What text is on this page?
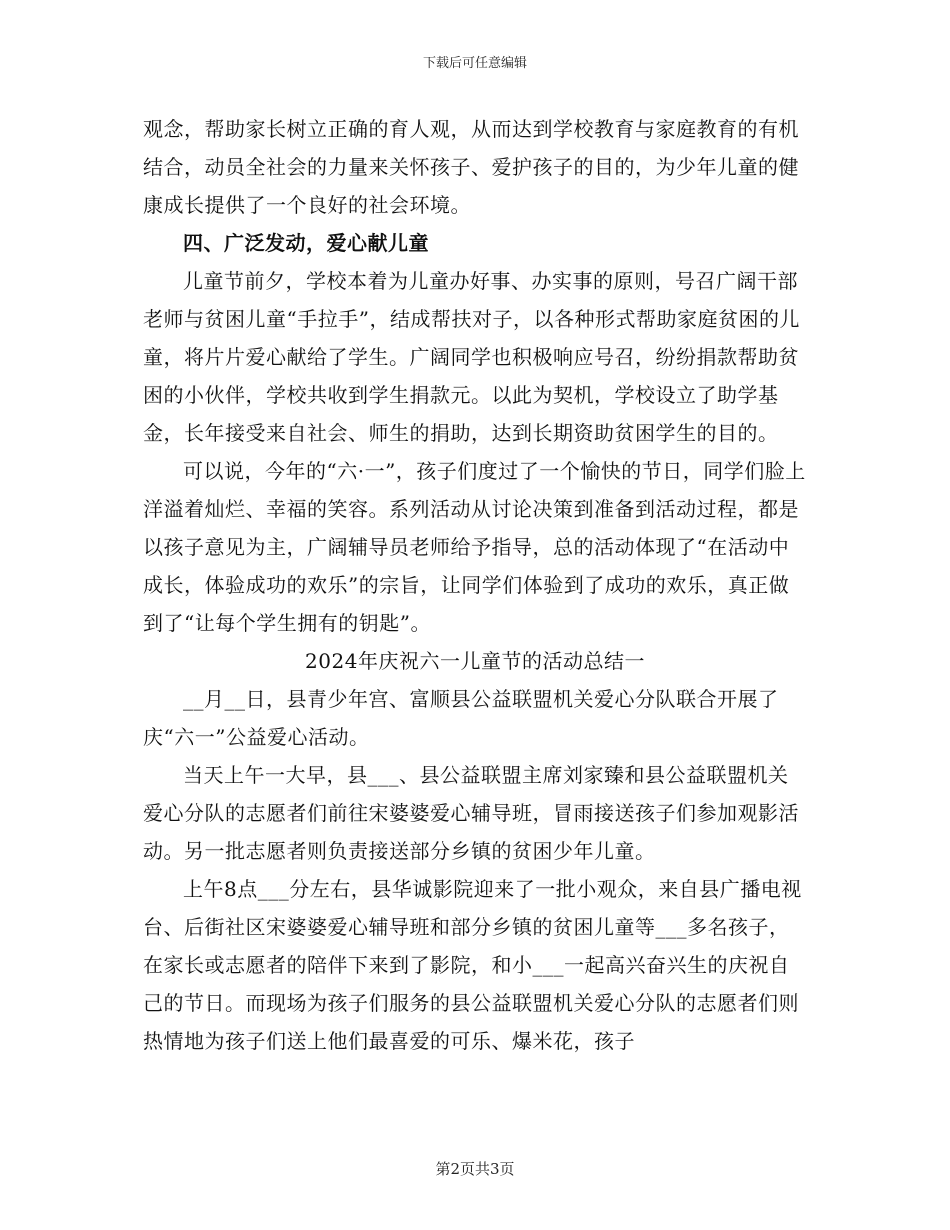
下载后可任意编辑

观念，帮助家长树立正确的育人观，从而达到学校教育与家庭教育的有机结合，动员全社会的力量来关怀孩子、爱护孩子的目的，为少年儿童的健康成长提供了一个良好的社会环境。

四、广泛发动，爱心献儿童

儿童节前夕，学校本着为儿童办好事、办实事的原则，号召广阔干部老师与贫困儿童“手拉手”，结成帮扶对子，以各种形式帮助家庭贫困的儿童，将片片爱心献给了学生。广阔同学也积极响应号召，纷纷捐款帮助贫困的小伙伴，学校共收到学生捐款元。以此为契机，学校设立了助学基金，长年接受来自社会、师生的捐助，达到长期资助贫困学生的目的。

可以说，今年的“六·一”，孩子们度过了一个愉快的节日，同学们脸上洋溢着灿烂、幸福的笑容。系列活动从讨论决策到准备到活动过程，都是以孩子意见为主，广阔辅导员老师给予指导，总的活动体现了“在活动中成长，体验成功的欢乐”的宗旨，让同学们体验到了成功的欢乐，真正做到了“让每个学生拥有的钥匙”。

2024年庆祝六一儿童节的活动总结一

__月__日，县青少年宫、富顺县公益联盟机关爱心分队联合开展了庆“六一”公益爱心活动。

当天上午一大早，县___、县公益联盟主席刘家臻和县公益联盟机关爱心分队的志愿者们前往宋婆婆爱心辅导班，冒雨接送孩子们参加观影活动。另一批志愿者则负责接送部分乡镇的贫困少年儿童。

上午8点___分左右，县华诚影院迎来了一批小观众，来自县广播电视台、后街社区宋婆婆爱心辅导班和部分乡镇的贫困儿童等___多名孩子，在家长或志愿者的陪伴下来到了影院，和小___一起高兴奋兴生的庆祝自己的节日。而现场为孩子们服务的县公益联盟机关爱心分队的志愿者们则热情地为孩子们送上他们最喜爱的可乐、爆米花，孩子

第2页共3页
